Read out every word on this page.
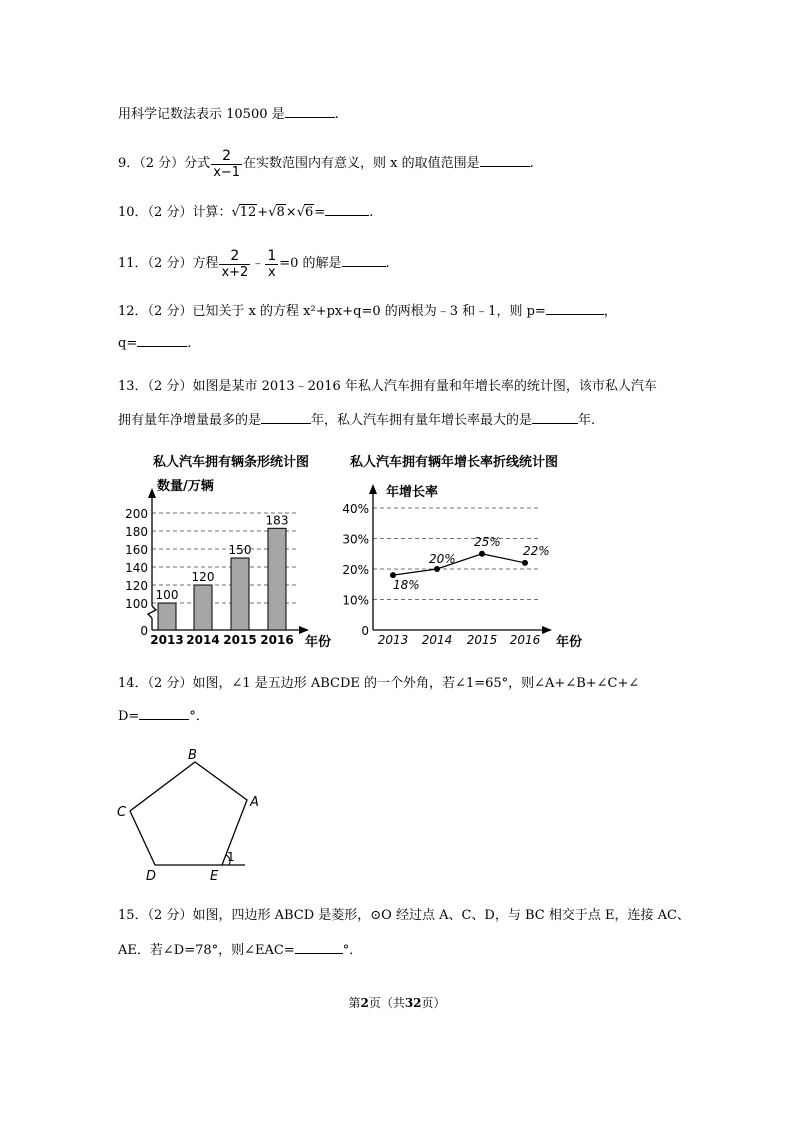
用科学记数法表示 10500 是	.
9．（2 分）分式 $\frac{2}{x-1}$ 在实数范围内有意义，则 x 的取值范围是	.
10．（2 分）计算：√12+√8×√6=	.
11．（2 分）方程 $\frac{2}{x+2}$ ﹣ $\frac{1}{x} =0$ 的解是	.
12．（2 分）已知关于 x 的方程 x²+px+q=0 的两根为﹣3 和﹣1，则 p=	，
q=	.
13．（2 分）如图是某市 2013﹣2016 年私人汽车拥有量和年增长率的统计图，该市私人汽车
拥有量年净增量最多的是	年，私人汽车拥有量年增长率最大的是	年.
私人汽车拥有辆条形统计图
数量/万辆
年份
0
100
120
140
160
180
200
2013 2014 2015 2016
100
120
150
183
私人汽车拥有辆年增长率折线统计图
年增长率
年份
0
10%
20%
30%
40%
2013 2014 2015 2016
18%
20%
25%
22%
14．（2 分）如图，∠1 是五边形 ABCDE 的一个外角，若∠1=65°，则∠A+∠B+∠C+∠
D=	°．
B
A
C
D	E
1
15．（2 分）如图，四边形 ABCD 是菱形，⊙O 经过点 A、C、D，与 BC 相交于点 E，连接 AC、
AE．若∠D=78°，则∠EAC=	°．
第2页（共32页）
